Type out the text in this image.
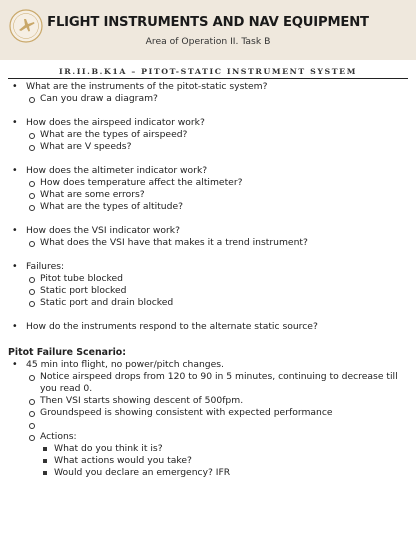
FLIGHT INSTRUMENTS AND NAV EQUIPMENT
Area of Operation II. Task B
IR.II.B.K1A – PITOT-STATIC INSTRUMENT SYSTEM
• What are the instruments of the pitot-static system?
Can you draw a diagram?
• How does the airspeed indicator work?
What are the types of airspeed?
What are V speeds?
• How does the altimeter indicator work?
How does temperature affect the altimeter?
What are some errors?
What are the types of altitude?
• How does the VSI indicator work?
What does the VSI have that makes it a trend instrument?
• Failures:
Pitot tube blocked
Static port blocked
Static port and drain blocked
• How do the instruments respond to the alternate static source?
Pitot Failure Scenario:
• 45 min into flight, no power/pitch changes.
Notice airspeed drops from 120 to 90 in 5 minutes, continuing to decrease till you read 0.
Then VSI starts showing descent of 500fpm.
Groundspeed is showing consistent with expected performance
Actions:
What do you think it is?
What actions would you take?
Would you declare an emergency? IFR
